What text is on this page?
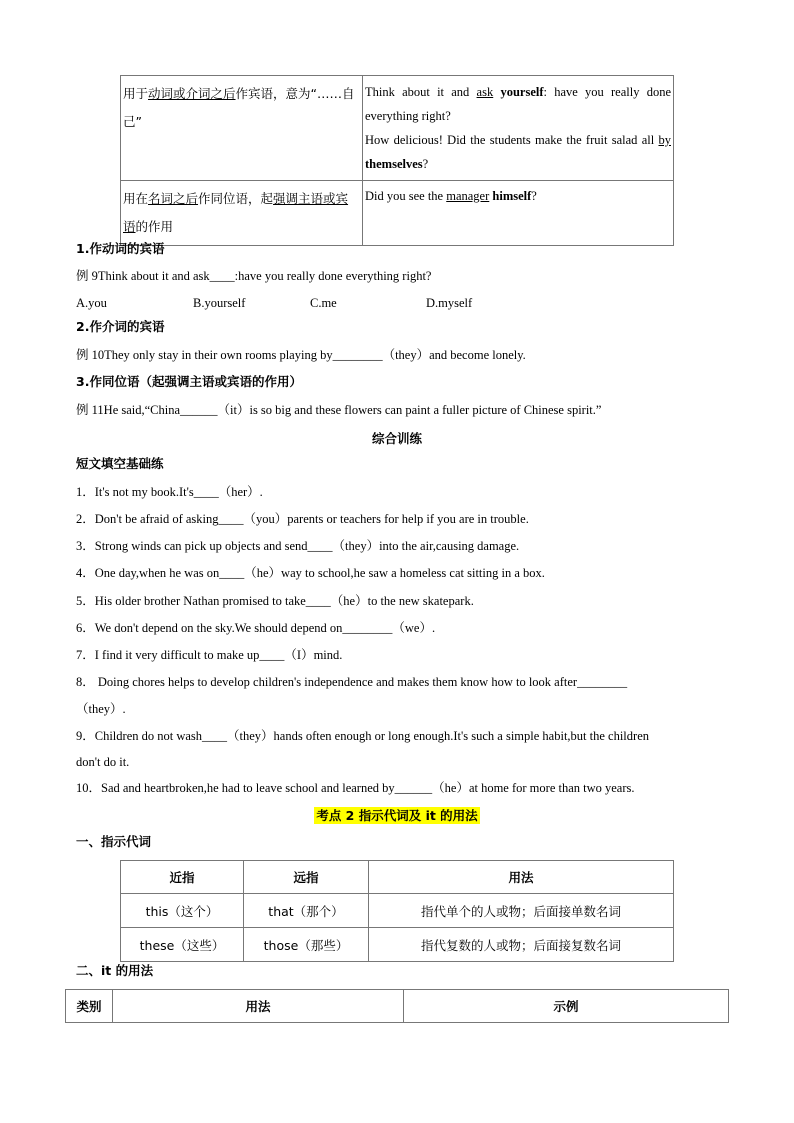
用于动词或介词之后作宾语，意为“……自己”	Think about it and ask yourself: have you really done everything right?
How delicious! Did the students make the fruit salad all by themselves?

用在名词之后作同位语，起强调主语或宾语的作用	Did you see the manager himself?
1.作动词的宾语
例 9Think about it and ask____:have you really done everything right?
A.you	B.yourself	C.me	D.myself
2.作介词的宾语
例 10They only stay in their own rooms playing by________（they）and become lonely.
3.作同位语（起强调主语或宾语的作用）
例 11He said,“China______（it）is so big and these flowers can paint a fuller picture of Chinese spirit.”
综合训练
短文填空基础练
1．It's not my book.It's____（her）.
2．Don't be afraid of asking____（you）parents or teachers for help if you are in trouble.
3．Strong winds can pick up objects and send____（they）into the air,causing damage.
4．One day,when he was on____（he）way to school,he saw a homeless cat sitting in a box.
5．His older brother Nathan promised to take____（he）to the new skatepark.
6．We don't depend on the sky.We should depend on________（we）.
7．I find it very difficult to make up____（I）mind.
8． Doing chores helps to develop children's independence and makes them know how to look after________
（they）.
9．Children do not wash____（they）hands often enough or long enough.It's such a simple habit,but the children
don't do it.
10．Sad and heartbroken,he had to leave school and learned by______（he）at home for more than two years.
考点 2 指示代词及 it 的用法
一、指示代词
近指	远指	用法
this（这个）	that（那个）	指代单个的人或物；后面接单数名词
these（这些）	those（那些）	指代复数的人或物；后面接复数名词
二、it 的用法
类别	用法	示例
